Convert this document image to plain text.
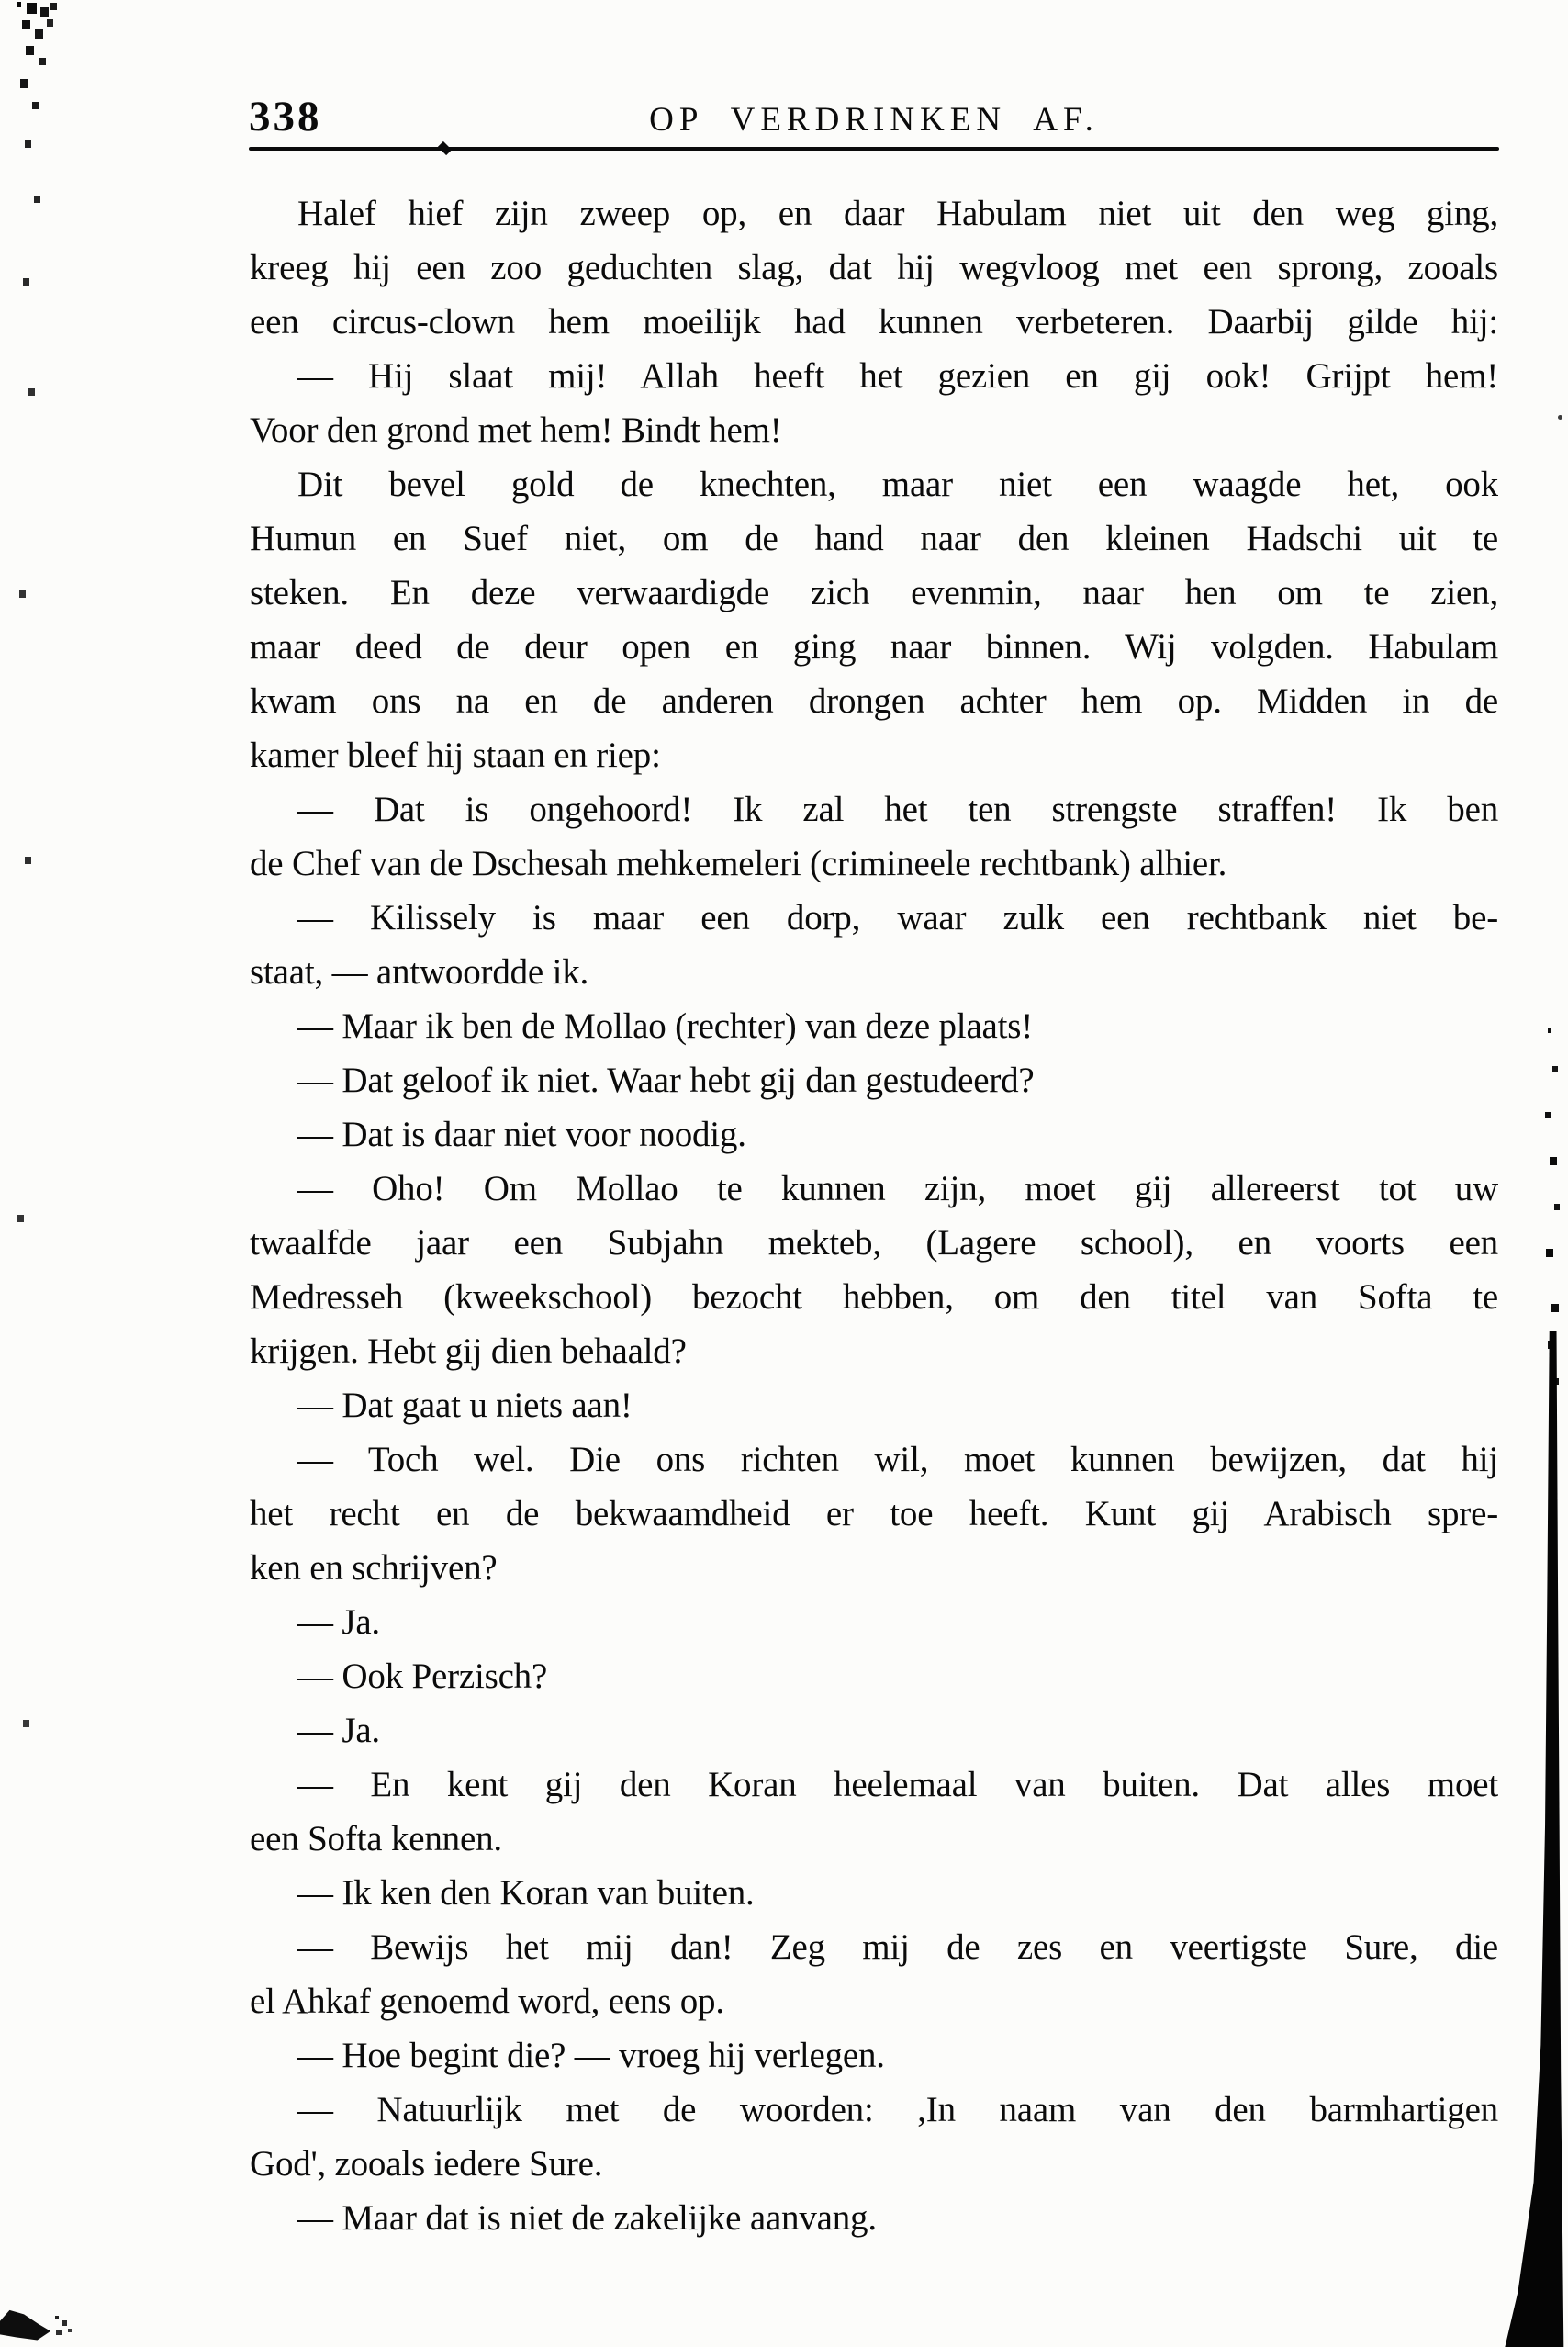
338	OP VERDRINKEN AF.
Halef hief zijn zweep op, en daar Habulam niet uit den weg ging,
kreeg hij een zoo geduchten slag, dat hij wegvloog met een sprong, zooals
een circus-clown hem moeilijk had kunnen verbeteren. Daarbij gilde hij:
— Hij slaat mij! Allah heeft het gezien en gij ook! Grijpt hem!
Voor den grond met hem! Bindt hem!
Dit bevel gold de knechten, maar niet een waagde het, ook
Humun en Suef niet, om de hand naar den kleinen Hadschi uit te
steken. En deze verwaardigde zich evenmin, naar hen om te zien,
maar deed de deur open en ging naar binnen. Wij volgden. Habulam
kwam ons na en de anderen drongen achter hem op. Midden in de
kamer bleef hij staan en riep:
— Dat is ongehoord! Ik zal het ten strengste straffen! Ik ben
de Chef van de Dschesah mehkemeleri (crimineele rechtbank) alhier.
— Kilissely is maar een dorp, waar zulk een rechtbank niet be-
staat, — antwoordde ik.
— Maar ik ben de Mollao (rechter) van deze plaats!
— Dat geloof ik niet. Waar hebt gij dan gestudeerd?
— Dat is daar niet voor noodig.
— Oho! Om Mollao te kunnen zijn, moet gij allereerst tot uw
twaalfde jaar een Subjahn mekteb, (Lagere school), en voorts een
Medresseh (kweekschool) bezocht hebben, om den titel van Softa te
krijgen. Hebt gij dien behaald?
— Dat gaat u niets aan!
— Toch wel. Die ons richten wil, moet kunnen bewijzen, dat hij
het recht en de bekwaamdheid er toe heeft. Kunt gij Arabisch spre-
ken en schrijven?
— Ja.
— Ook Perzisch?
— Ja.
— En kent gij den Koran heelemaal van buiten. Dat alles moet
een Softa kennen.
— Ik ken den Koran van buiten.
— Bewijs het mij dan! Zeg mij de zes en veertigste Sure, die
el Ahkaf genoemd word, eens op.
— Hoe begint die? — vroeg hij verlegen.
— Natuurlijk met de woorden: ,In naam van den barmhartigen
God', zooals iedere Sure.
— Maar dat is niet de zakelijke aanvang.
